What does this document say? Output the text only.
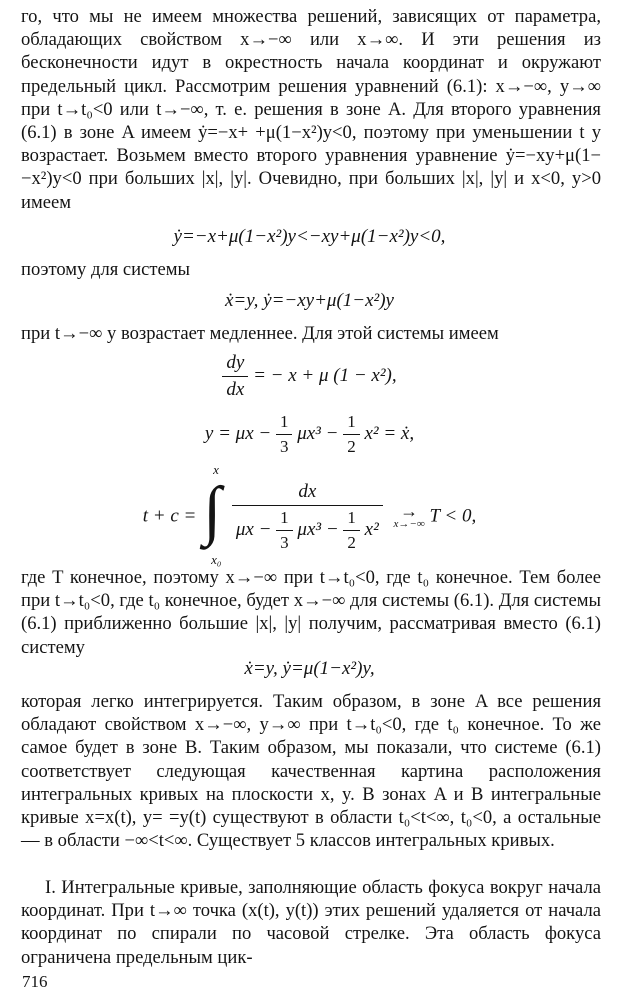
го, что мы не имеем множества решений, зависящих от параметра, обладающих свойством x→−∞ или x→∞. И эти решения из бесконечности идут в окрестность начала координат и окружают предельный цикл. Рассмотрим решения уравнений (6.1): x→−∞, y→∞ при t→t₀<0 или t→−∞, т. е. решения в зоне A. Для второго уравнения (6.1) в зоне A имеем ẏ=−x+ +μ(1−x²)y<0, поэтому при уменьшении t y возрастает. Возьмем вместо второго уравнения уравнение ẏ=−xy+μ(1− −x²)y<0 при больших |x|, |y|. Очевидно, при больших |x|, |y| и x<0, y>0 имеем

ẏ=−x+μ(1−x²)y<−xy+μ(1−x²)y<0,

поэтому для системы

ẋ=y, ẏ=−xy+μ(1−x²)y

при t→−∞ y возрастает медленнее. Для этой системы имеем

$\frac{dy}{dx}$ = − x + μ (1 − x²),
$y = \mu x - \frac{1}{3} \mu x^3 - \frac{1}{2} x^2$ = ẋ,
t + c = ∫
x
x₀

dx
$\mu x - \frac{1}{3} \mu x^3 - \frac{1}{2} x^2$

→
x→−∞ T < 0,

где T конечное, поэтому x→−∞ при t→t₀<0, где t₀ конечное. Тем более при t→t₀<0, где t₀ конечное, будет x→−∞ для системы (6.1). Для системы (6.1) приближенно большие |x|, |y| получим, рассматривая вместо (6.1) систему

ẋ=y, ẏ=μ(1−x²)y,

которая легко интегрируется. Таким образом, в зоне A все решения обладают свойством x→−∞, y→∞ при t→t₀<0, где t₀ конечное. То же самое будет в зоне B. Таким образом, мы показали, что системе (6.1) соответствует следующая качественная картина расположения интегральных кривых на плоскости x, y. В зонах A и B интегральные кривые x=x(t), y= =y(t) существуют в области t₀<t<∞, t₀<0, а остальные — в области −∞<t<∞. Существует 5 классов интегральных кривых.

I. Интегральные кривые, заполняющие область фокуса вокруг начала координат. При t→∞ точка (x(t), y(t)) этих решений удаляется от начала координат по спирали по часовой стрелке. Эта область фокуса ограничена предельным цик-

716
